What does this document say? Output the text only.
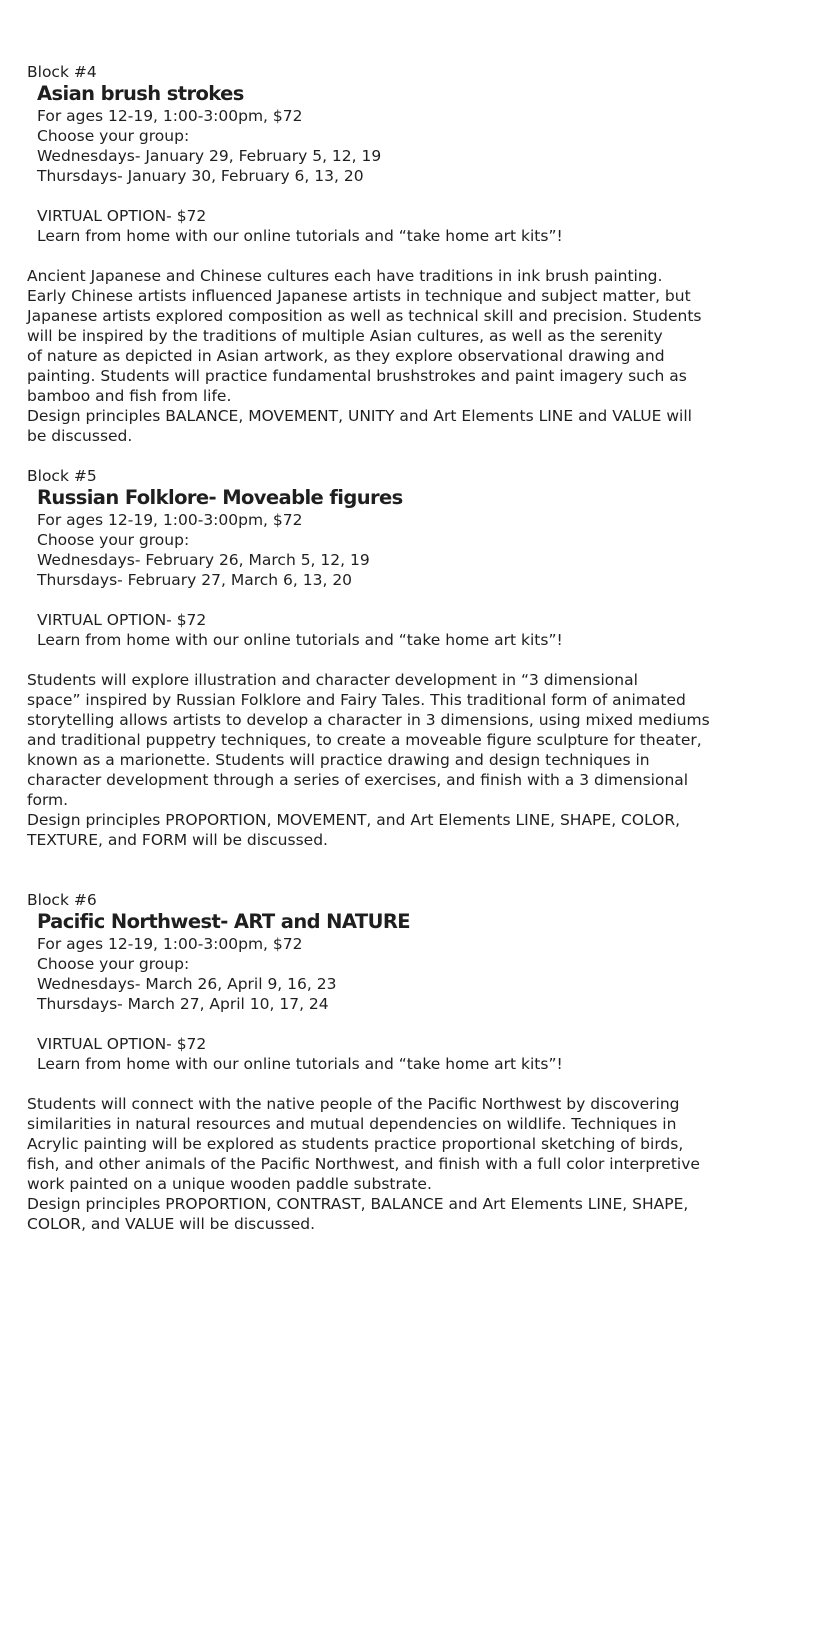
Block #4
Asian brush strokes
For ages 12-19, 1:00-3:00pm, $72
Choose your group:
Wednesdays- January 29, February 5, 12, 19
Thursdays- January 30, February 6, 13, 20
VIRTUAL OPTION- $72
Learn from home with our online tutorials and “take home art kits”!
Ancient Japanese and Chinese cultures each have traditions in ink brush painting.
Early Chinese artists influenced Japanese artists in technique and subject matter, but
Japanese artists explored composition as well as technical skill and precision. Students
will be inspired by the traditions of multiple Asian cultures, as well as the serenity
of nature as depicted in Asian artwork, as they explore observational drawing and
painting. Students will practice fundamental brushstrokes and paint imagery such as
bamboo and fish from life.
Design principles BALANCE, MOVEMENT, UNITY and Art Elements LINE and VALUE will
be discussed.
Block #5
Russian Folklore- Moveable figures
For ages 12-19, 1:00-3:00pm, $72
Choose your group:
Wednesdays- February 26, March 5, 12, 19
Thursdays- February 27, March 6, 13, 20
VIRTUAL OPTION- $72
Learn from home with our online tutorials and “take home art kits”!
Students will explore illustration and character development in “3 dimensional
space” inspired by Russian Folklore and Fairy Tales. This traditional form of animated
storytelling allows artists to develop a character in 3 dimensions, using mixed mediums
and traditional puppetry techniques, to create a moveable figure sculpture for theater,
known as a marionette. Students will practice drawing and design techniques in
character development through a series of exercises, and finish with a 3 dimensional
form.
Design principles PROPORTION, MOVEMENT, and Art Elements LINE, SHAPE, COLOR,
TEXTURE, and FORM will be discussed.
Block #6
Pacific Northwest- ART and NATURE
For ages 12-19, 1:00-3:00pm, $72
Choose your group:
Wednesdays- March 26, April 9, 16, 23
Thursdays- March 27, April 10, 17, 24
VIRTUAL OPTION- $72
Learn from home with our online tutorials and “take home art kits”!
Students will connect with the native people of the Pacific Northwest by discovering
similarities in natural resources and mutual dependencies on wildlife. Techniques in
Acrylic painting will be explored as students practice proportional sketching of birds,
fish, and other animals of the Pacific Northwest, and finish with a full color interpretive
work painted on a unique wooden paddle substrate.
Design principles PROPORTION, CONTRAST, BALANCE and Art Elements LINE, SHAPE,
COLOR, and VALUE will be discussed.
